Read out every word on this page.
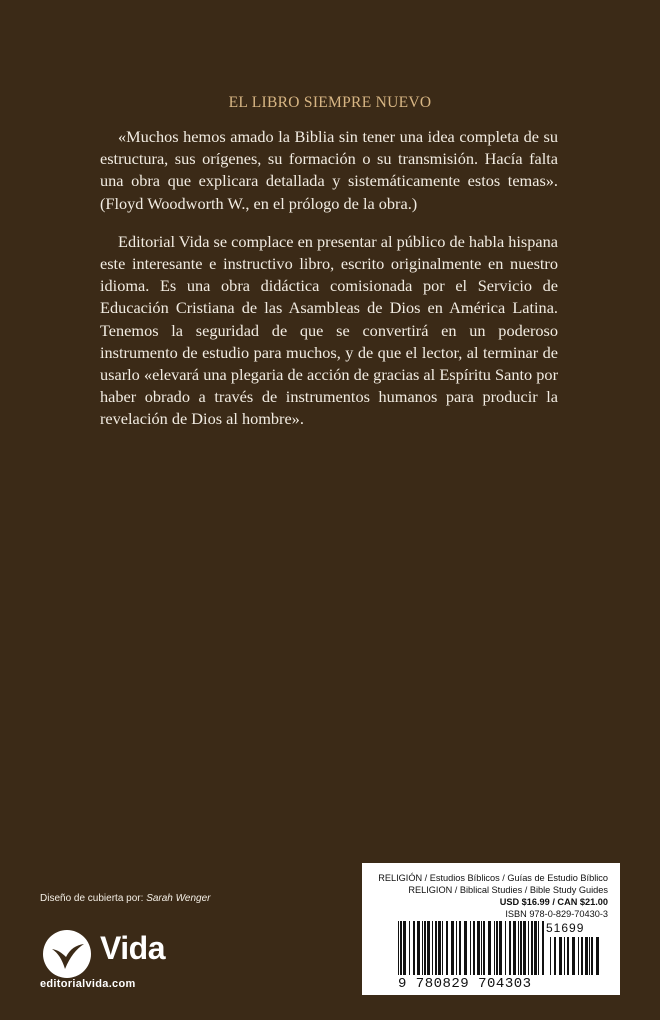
EL LIBRO SIEMPRE NUEVO

«Muchos hemos amado la Biblia sin tener una idea completa de su estructura, sus orígenes, su formación o su transmisión. Hacía falta una obra que explicara detallada y sistemáticamente estos temas». (Floyd Woodworth W., en el prólogo de la obra.)

Editorial Vida se complace en presentar al público de habla hispana este interesante e instructivo libro, escrito originalmente en nuestro idioma. Es una obra didáctica comisionada por el Servicio de Educación Cristiana de las Asambleas de Dios en América Latina. Tenemos la seguridad de que se convertirá en un poderoso instrumento de estudio para muchos, y de que el lector, al terminar de usarlo «elevará una plegaria de acción de gracias al Espíritu Santo por haber obrado a través de instrumentos humanos para producir la revelación de Dios al hombre».

Diseño de cubierta por: Sarah Wenger
Vida
editorialvida.com
RELIGIÓN / Estudios Bíblicos / Guías de Estudio Bíblico
RELIGION / Biblical Studies / Bible Study Guides
USD $16.99 / CAN $21.00
ISBN 978-0-829-70430-3
9 780829 704303
51699
